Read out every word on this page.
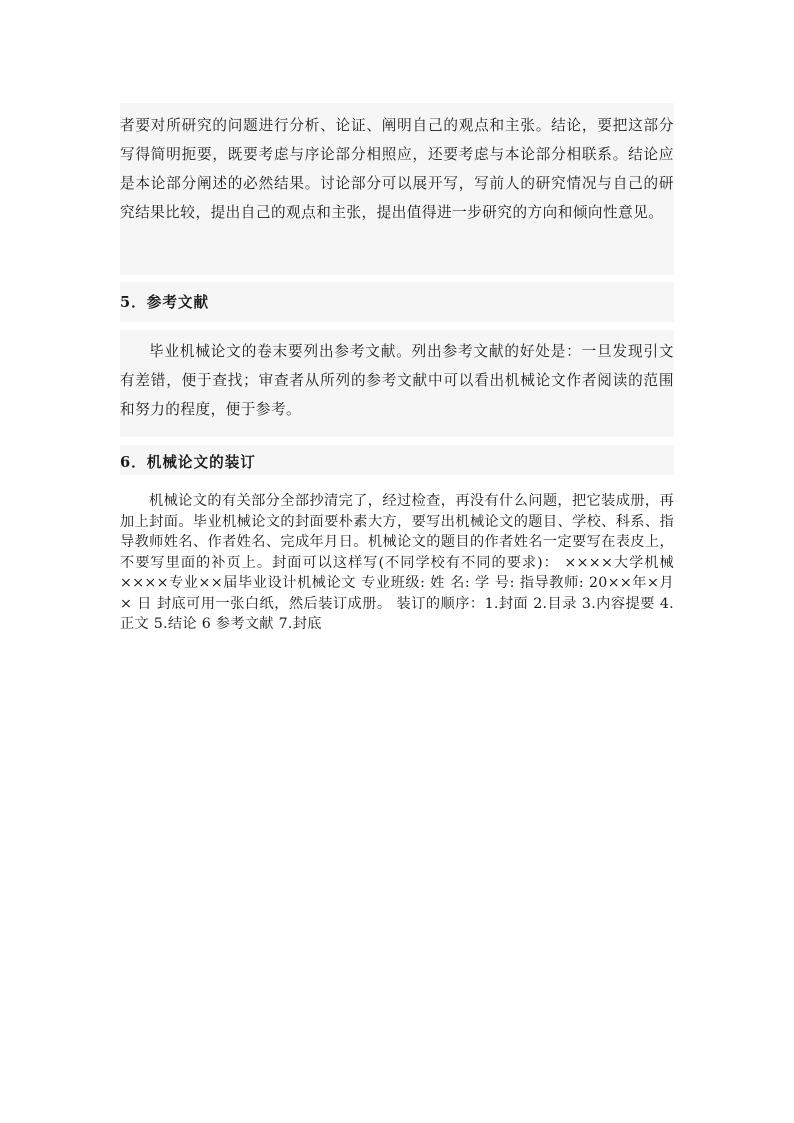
者要对所研究的问题进行分析、论证、阐明自己的观点和主张。结论，要把这部分写得简明扼要，既要考虑与序论部分相照应，还要考虑与本论部分相联系。结论应是本论部分阐述的必然结果。讨论部分可以展开写，写前人的研究情况与自己的研究结果比较，提出自己的观点和主张，提出值得进一步研究的方向和倾向性意见。

5．参考文献

毕业机械论文的卷末要列出参考文献。列出参考文献的好处是：一旦发现引文有差错，便于查找；审查者从所列的参考文献中可以看出机械论文作者阅读的范围和努力的程度，便于参考。

6．机械论文的装订

机械论文的有关部分全部抄清完了，经过检查，再没有什么问题，把它装成册，再加上封面。毕业机械论文的封面要朴素大方，要写出机械论文的题目、学校、科系、指导教师姓名、作者姓名、完成年月日。机械论文的题目的作者姓名一定要写在表皮上，不要写里面的补页上。封面可以这样写(不同学校有不同的要求)： ××××大学机械××××专业××届毕业设计机械论文 专业班级: 姓 名: 学 号: 指导教师: 20××年×月× 日 封底可用一张白纸，然后装订成册。 装订的顺序：1.封面 2.目录 3.内容提要 4.正文 5.结论 6 参考文献 7.封底
